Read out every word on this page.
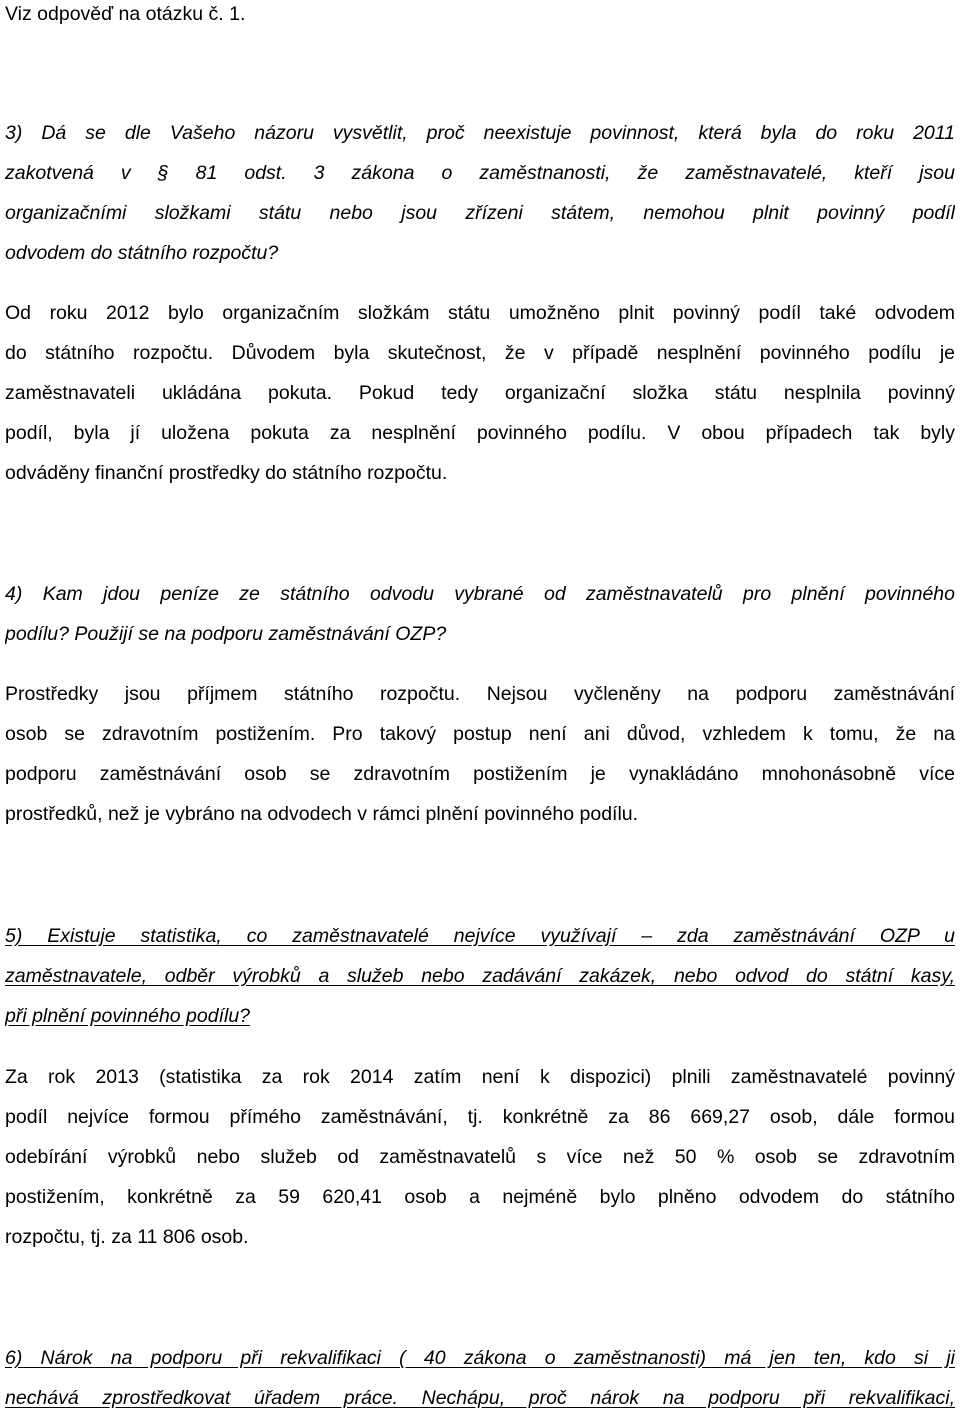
Viz odpověď na otázku č. 1.
3) Dá se dle Vašeho názoru vysvětlit, proč neexistuje povinnost, která byla do roku 2011
zakotvená v § 81 odst. 3 zákona o zaměstnanosti, že zaměstnavatelé, kteří jsou
organizačními složkami státu nebo jsou zřízeni státem, nemohou plnit povinný podíl
odvodem do státního rozpočtu?
Od roku 2012 bylo organizačním složkám státu umožněno plnit povinný podíl také odvodem
do státního rozpočtu. Důvodem byla skutečnost, že v případě nesplnění povinného podílu je
zaměstnavateli ukládána pokuta. Pokud tedy organizační složka státu nesplnila povinný
podíl, byla jí uložena pokuta za nesplnění povinného podílu. V obou případech tak byly
odváděny finanční prostředky do státního rozpočtu.
4) Kam jdou peníze ze státního odvodu vybrané od zaměstnavatelů pro plnění povinného
podílu? Použijí se na podporu zaměstnávání OZP?
Prostředky jsou příjmem státního rozpočtu. Nejsou vyčleněny na podporu zaměstnávání
osob se zdravotním postižením. Pro takový postup není ani důvod, vzhledem k tomu, že na
podporu zaměstnávání osob se zdravotním postižením je vynakládáno mnohonásobně více
prostředků, než je vybráno na odvodech v rámci plnění povinného podílu.
5) Existuje statistika, co zaměstnavatelé nejvíce využívají – zda zaměstnávání OZP u
zaměstnavatele, odběr výrobků a služeb nebo zadávání zakázek, nebo odvod do státní kasy,
při plnění povinného podílu?
Za rok 2013 (statistika za rok 2014 zatím není k dispozici) plnili zaměstnavatelé povinný
podíl nejvíce formou přímého zaměstnávání, tj. konkrétně za 86 669,27 osob, dále formou
odebírání výrobků nebo služeb od zaměstnavatelů s více než 50 % osob se zdravotním
postižením, konkrétně za 59 620,41 osob a nejméně bylo plněno odvodem do státního
rozpočtu, tj. za 11 806 osob.
6) Nárok na podporu při rekvalifikaci ( 40 zákona o zaměstnanosti) má jen ten, kdo si ji
nechává zprostředkovat úřadem práce. Nechápu, proč nárok na podporu při rekvalifikaci,
